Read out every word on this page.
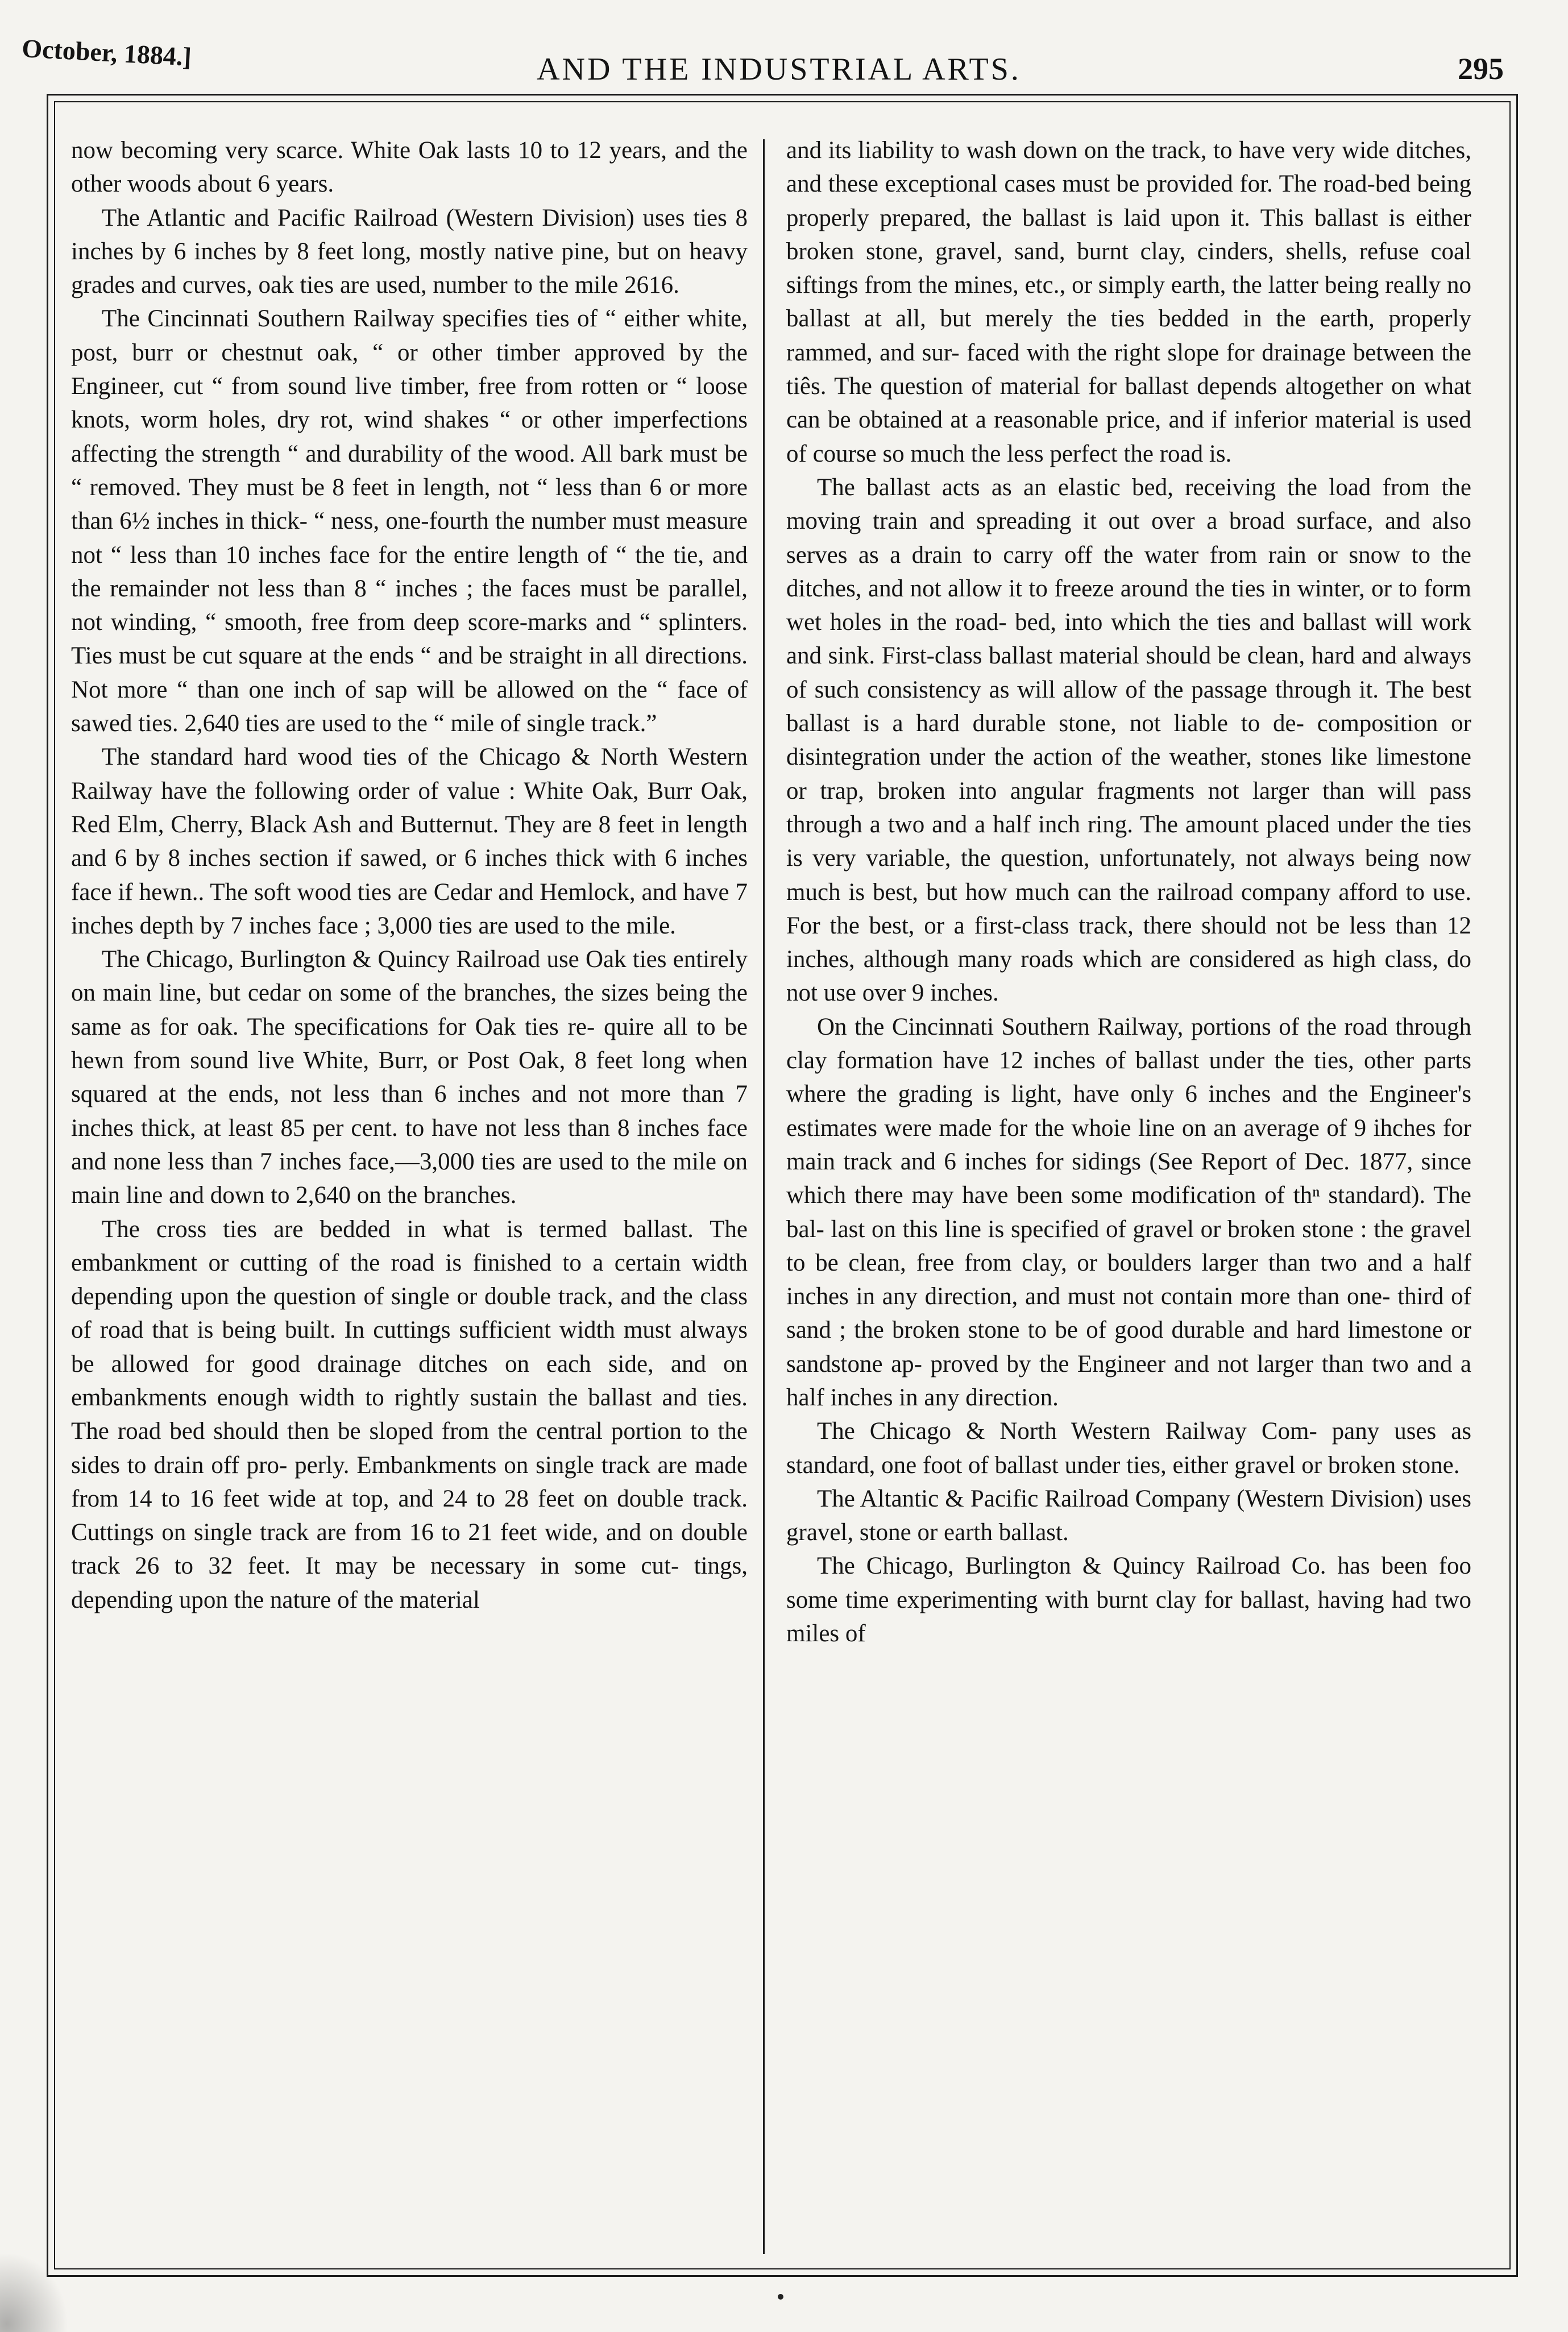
October, 1884.]	AND THE INDUSTRIAL ARTS.	295

now becoming very scarce. White Oak lasts 10 to 12 years, and the other woods about 6 years.

The Atlantic and Pacific Railroad (Western Division) uses ties 8 inches by 6 inches by 8 feet long, mostly native pine, but on heavy grades and curves, oak ties are used, number to the mile 2616.

The Cincinnati Southern Railway specifies ties of “ either white, post, burr or chestnut oak, “ or other timber approved by the Engineer, cut “ from sound live timber, free from rotten or “ loose knots, worm holes, dry rot, wind shakes “ or other imperfections affecting the strength “ and durability of the wood. All bark must be “ removed. They must be 8 feet in length, not “ less than 6 or more than 6½ inches in thick- “ ness, one-fourth the number must measure not “ less than 10 inches face for the entire length of “ the tie, and the remainder not less than 8 “ inches ; the faces must be parallel, not winding, “ smooth, free from deep score-marks and “ splinters. Ties must be cut square at the ends “ and be straight in all directions. Not more “ than one inch of sap will be allowed on the “ face of sawed ties. 2,640 ties are used to the “ mile of single track.”

The standard hard wood ties of the Chicago & North Western Railway have the following order of value : White Oak, Burr Oak, Red Elm, Cherry, Black Ash and Butternut. They are 8 feet in length and 6 by 8 inches section if sawed, or 6 inches thick with 6 inches face if hewn.. The soft wood ties are Cedar and Hemlock, and have 7 inches depth by 7 inches face ; 3,000 ties are used to the mile.

The Chicago, Burlington & Quincy Railroad use Oak ties entirely on main line, but cedar on some of the branches, the sizes being the same as for oak. The specifications for Oak ties re- quire all to be hewn from sound live White, Burr, or Post Oak, 8 feet long when squared at the ends, not less than 6 inches and not more than 7 inches thick, at least 85 per cent. to have not less than 8 inches face and none less than 7 inches face,—3,000 ties are used to the mile on main line and down to 2,640 on the branches.

The cross ties are bedded in what is termed ballast. The embankment or cutting of the road is finished to a certain width depending upon the question of single or double track, and the class of road that is being built. In cuttings sufficient width must always be allowed for good drainage ditches on each side, and on embankments enough width to rightly sustain the ballast and ties. The road bed should then be sloped from the central portion to the sides to drain off pro- perly. Embankments on single track are made from 14 to 16 feet wide at top, and 24 to 28 feet on double track. Cuttings on single track are from 16 to 21 feet wide, and on double track 26 to 32 feet. It may be necessary in some cut- tings, depending upon the nature of the material

and its liability to wash down on the track, to have very wide ditches, and these exceptional cases must be provided for. The road-bed being properly prepared, the ballast is laid upon it. This ballast is either broken stone, gravel, sand, burnt clay, cinders, shells, refuse coal siftings from the mines, etc., or simply earth, the latter being really no ballast at all, but merely the ties bedded in the earth, properly rammed, and sur- faced with the right slope for drainage between the tiês. The question of material for ballast depends altogether on what can be obtained at a reasonable price, and if inferior material is used of course so much the less perfect the road is.

The ballast acts as an elastic bed, receiving the load from the moving train and spreading it out over a broad surface, and also serves as a drain to carry off the water from rain or snow to the ditches, and not allow it to freeze around the ties in winter, or to form wet holes in the road- bed, into which the ties and ballast will work and sink. First-class ballast material should be clean, hard and always of such consistency as will allow of the passage through it. The best ballast is a hard durable stone, not liable to de- composition or disintegration under the action of the weather, stones like limestone or trap, broken into angular fragments not larger than will pass through a two and a half inch ring. The amount placed under the ties is very variable, the question, unfortunately, not always being now much is best, but how much can the railroad company afford to use. For the best, or a first-class track, there should not be less than 12 inches, although many roads which are considered as high class, do not use over 9 inches.

On the Cincinnati Southern Railway, portions of the road through clay formation have 12 inches of ballast under the ties, other parts where the grading is light, have only 6 inches and the Engineer's estimates were made for the whoie line on an average of 9 ihches for main track and 6 inches for sidings (See Report of Dec. 1877, since which there may have been some modification of thⁿ standard). The bal- last on this line is specified of gravel or broken stone : the gravel to be clean, free from clay, or boulders larger than two and a half inches in any direction, and must not contain more than one- third of sand ; the broken stone to be of good durable and hard limestone or sandstone ap- proved by the Engineer and not larger than two and a half inches in any direction.

The Chicago & North Western Railway Com- pany uses as standard, one foot of ballast under ties, either gravel or broken stone.

The Altantic & Pacific Railroad Company (Western Division) uses gravel, stone or earth ballast.

The Chicago, Burlington & Quincy Railroad Co. has been foo some time experimenting with burnt clay for ballast, having had two miles of
